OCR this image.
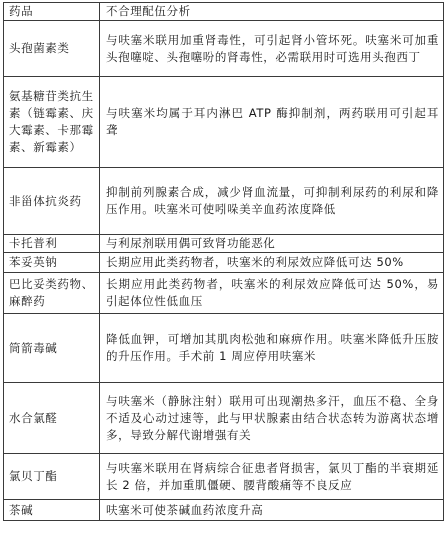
药品	不合理配伍分析
头孢菌素类	与呋塞米联用加重肾毒性，可引起肾小管坏死。呋塞米可加重头孢噻啶、头孢噻吩的肾毒性，必需联用时可选用头孢西丁
氨基糖苷类抗生素（链霉素、庆大霉素、卡那霉素、新霉素）	与呋塞米均属于耳内淋巴 ATP 酶抑制剂，两药联用可引起耳聋
非甾体抗炎药	抑制前列腺素合成，减少肾血流量，可抑制利尿药的利尿和降压作用。呋塞米可使吲哚美辛血药浓度降低
卡托普利	与利尿剂联用偶可致肾功能恶化
苯妥英钠	长期应用此类药物者，呋塞米的利尿效应降低可达 50%
巴比妥类药物、麻醉药	长期应用此类药物者，呋塞米的利尿效应降低可达 50%，易引起体位性低血压
筒箭毒碱	降低血钾，可增加其肌肉松弛和麻痹作用。呋塞米降低升压胺的升压作用。手术前 1 周应停用呋塞米
水合氯醛	与呋塞米（静脉注射）联用可出现潮热多汗，血压不稳、全身不适及心动过速等，此与甲状腺素由结合状态转为游离状态增多，导致分解代谢增强有关
氯贝丁酯	与呋塞米联用在肾病综合征患者肾损害，氯贝丁酯的半衰期延长 2 倍，并加重肌僵硬、腰背酸痛等不良反应
茶碱	呋塞米可使茶碱血药浓度升高
